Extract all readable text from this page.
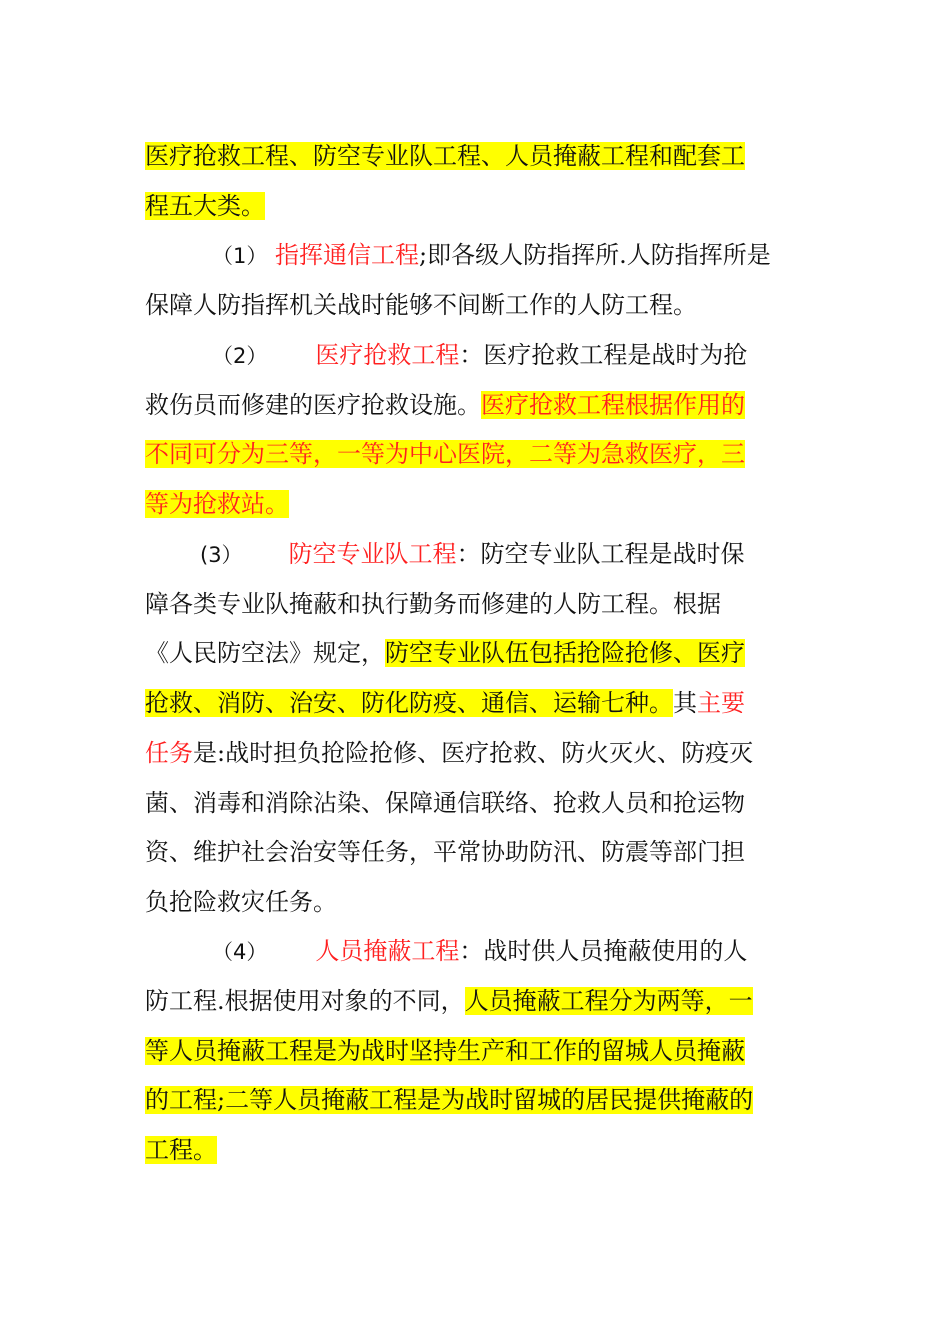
医疗抢救工程、防空专业队工程、人员掩蔽工程和配套工
程五大类。
（1） 指挥通信工程;即各级人防指挥所.人防指挥所是
保障人防指挥机关战时能够不间断工作的人防工程。
（2） 医疗抢救工程：医疗抢救工程是战时为抢
救伤员而修建的医疗抢救设施。医疗抢救工程根据作用的
不同可分为三等，一等为中心医院，二等为急救医疗，三
等为抢救站。
(3） 防空专业队工程：防空专业队工程是战时保
障各类专业队掩蔽和执行勤务而修建的人防工程。根据
《人民防空法》规定，防空专业队伍包括抢险抢修、医疗
抢救、消防、治安、防化防疫、通信、运输七种。其主要
任务是:战时担负抢险抢修、医疗抢救、防火灭火、防疫灭
菌、消毒和消除沾染、保障通信联络、抢救人员和抢运物
资、维护社会治安等任务，平常协助防汛、防震等部门担
负抢险救灾任务。
（4） 人员掩蔽工程：战时供人员掩蔽使用的人
防工程.根据使用对象的不同，人员掩蔽工程分为两等，一
等人员掩蔽工程是为战时坚持生产和工作的留城人员掩蔽
的工程;二等人员掩蔽工程是为战时留城的居民提供掩蔽的
工程。
